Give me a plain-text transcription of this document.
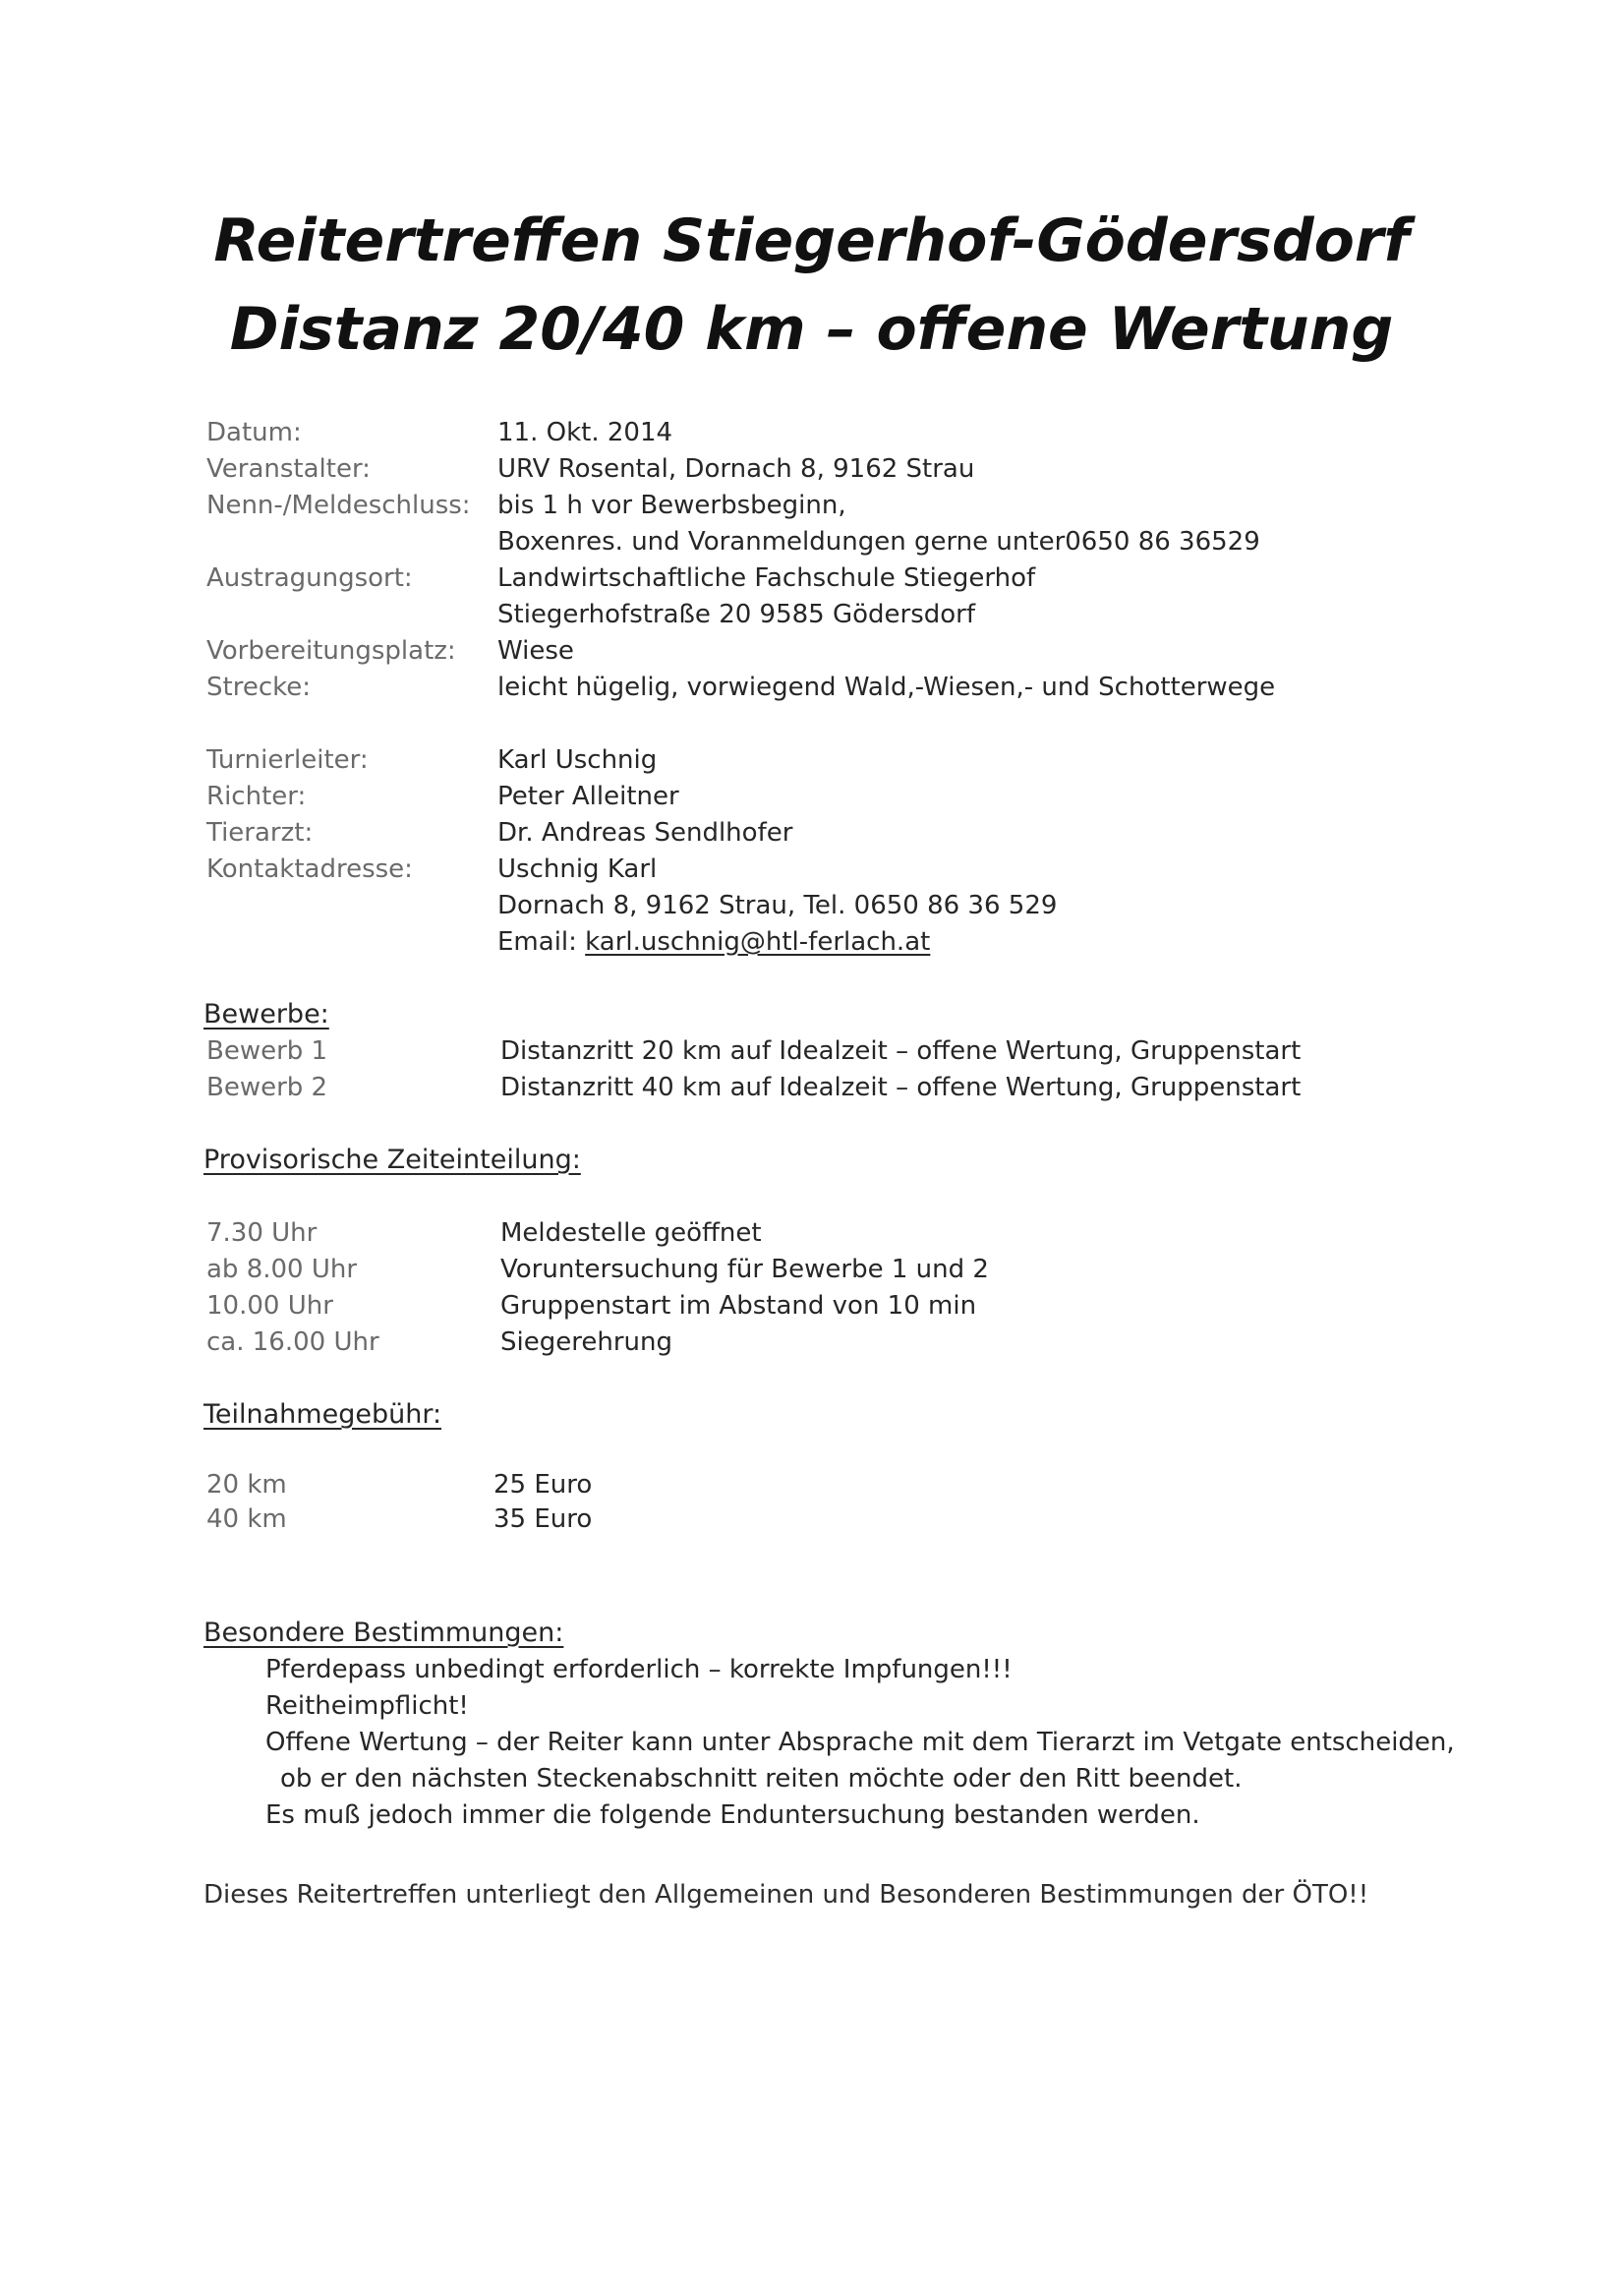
Reitertreffen Stiegerhof-Gödersdorf
Distanz 20/40 km – offene Wertung
Datum:	11. Okt. 2014
Veranstalter:	URV Rosental, Dornach 8, 9162 Strau
Nenn-/Meldeschluss: bis 1 h vor Bewerbsbeginn,
Boxenres. und Voranmeldungen gerne unter0650 86 36529
Austragungsort:	Landwirtschaftliche Fachschule Stiegerhof
Stiegerhofstraße 20 9585 Gödersdorf
Vorbereitungsplatz: Wiese
Strecke:	leicht hügelig, vorwiegend Wald,-Wiesen,- und Schotterwege
Turnierleiter:	Karl Uschnig
Richter:	Peter Alleitner
Tierarzt:	Dr. Andreas Sendlhofer
Kontaktadresse:	Uschnig Karl
Dornach 8, 9162 Strau, Tel. 0650 86 36 529
Email: karl.uschnig@htl-ferlach.at
Bewerbe:
Bewerb 1	Distanzritt 20 km auf Idealzeit – offene Wertung, Gruppenstart
Bewerb 2	Distanzritt 40 km auf Idealzeit – offene Wertung, Gruppenstart
Provisorische Zeiteinteilung:
7.30 Uhr	Meldestelle geöffnet
ab 8.00 Uhr	Voruntersuchung für Bewerbe 1 und 2
10.00 Uhr	Gruppenstart im Abstand von 10 min
ca. 16.00 Uhr	Siegerehrung
Teilnahmegebühr:
20 km	25 Euro
40 km	35 Euro
Besondere Bestimmungen:
Pferdepass unbedingt erforderlich – korrekte Impfungen!!!
Reitheimpflicht!
Offene Wertung – der Reiter kann unter Absprache mit dem Tierarzt im Vetgate entscheiden,
ob er den nächsten Steckenabschnitt reiten möchte oder den Ritt beendet.
Es muß jedoch immer die folgende Enduntersuchung bestanden werden.
Dieses Reitertreffen unterliegt den Allgemeinen und Besonderen Bestimmungen der ÖTO!!
